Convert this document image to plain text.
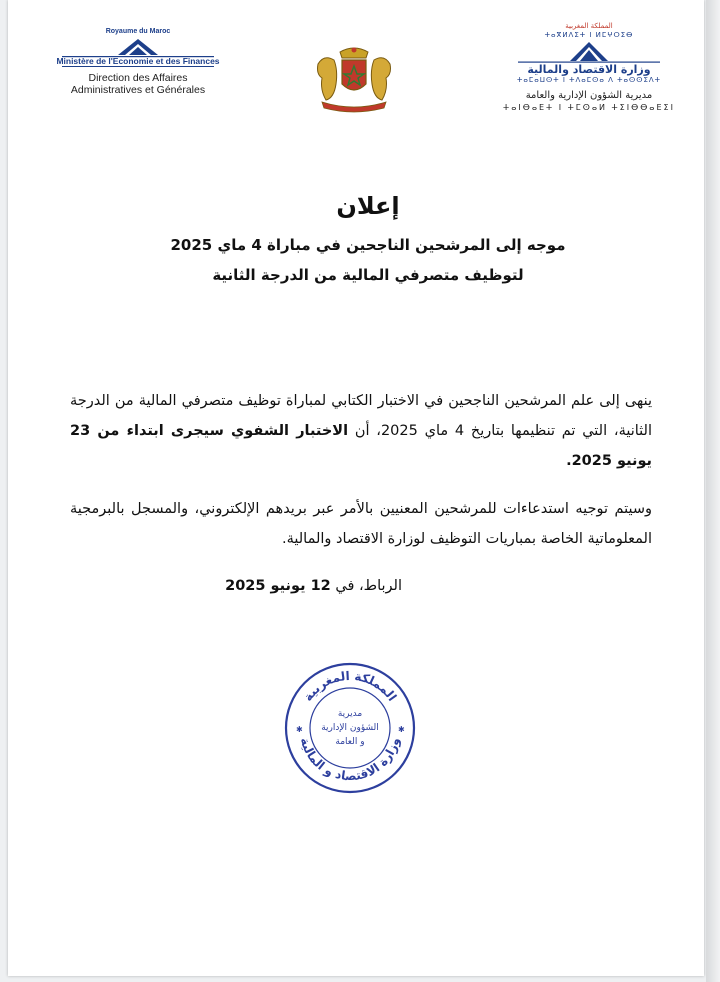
Royaume du Maroc
Ministère de l'Economie et des Finances
Direction des Affaires
Administratives et Générales
المملكة المغربية
ⵜⴰⴳⵍⴷⵉⵜ ⵏ ⵍⵎⵖⵔⵉⴱ
وزارة الاقتصاد والمالية
ⵜⴰⵎⴰⵡⵙⵜ ⵏ ⵜⴷⴰⵎⵙⴰ ⴷ ⵜⴰⵙⵙⵉⴷⵜ
مديرية الشؤون الإدارية والعامة
ⵜⴰⵏⴱⴰⴹⵜ ⵏ ⵜⵎⵙⴰⵍ ⵜⵉⵏⴱⴱⴰⴹⵉⵏ
إعلان
موجه إلى المرشحين الناجحين في مباراة 4 ماي 2025
لتوظيف متصرفي المالية من الدرجة الثانية
ينهى إلى علم المرشحين الناجحين في الاختبار الكتابي لمباراة توظيف متصرفي المالية من الدرجة الثانية، التي تم تنظيمها بتاريخ 4 ماي 2025، أن الاختبار الشفوي سيجرى ابتداء من 23 يونيو 2025.
وسيتم توجيه استدعاءات للمرشحين المعنيين بالأمر عبر بريدهم الإلكتروني، والمسجل بالبرمجية المعلوماتية الخاصة بمباريات التوظيف لوزارة الاقتصاد والمالية.
الرباط، في 12 يونيو 2025
المملكة المغربية
وزارة الاقتصاد و المالية
✱	✱
مديرية
الشؤون الإدارية
و العامة
